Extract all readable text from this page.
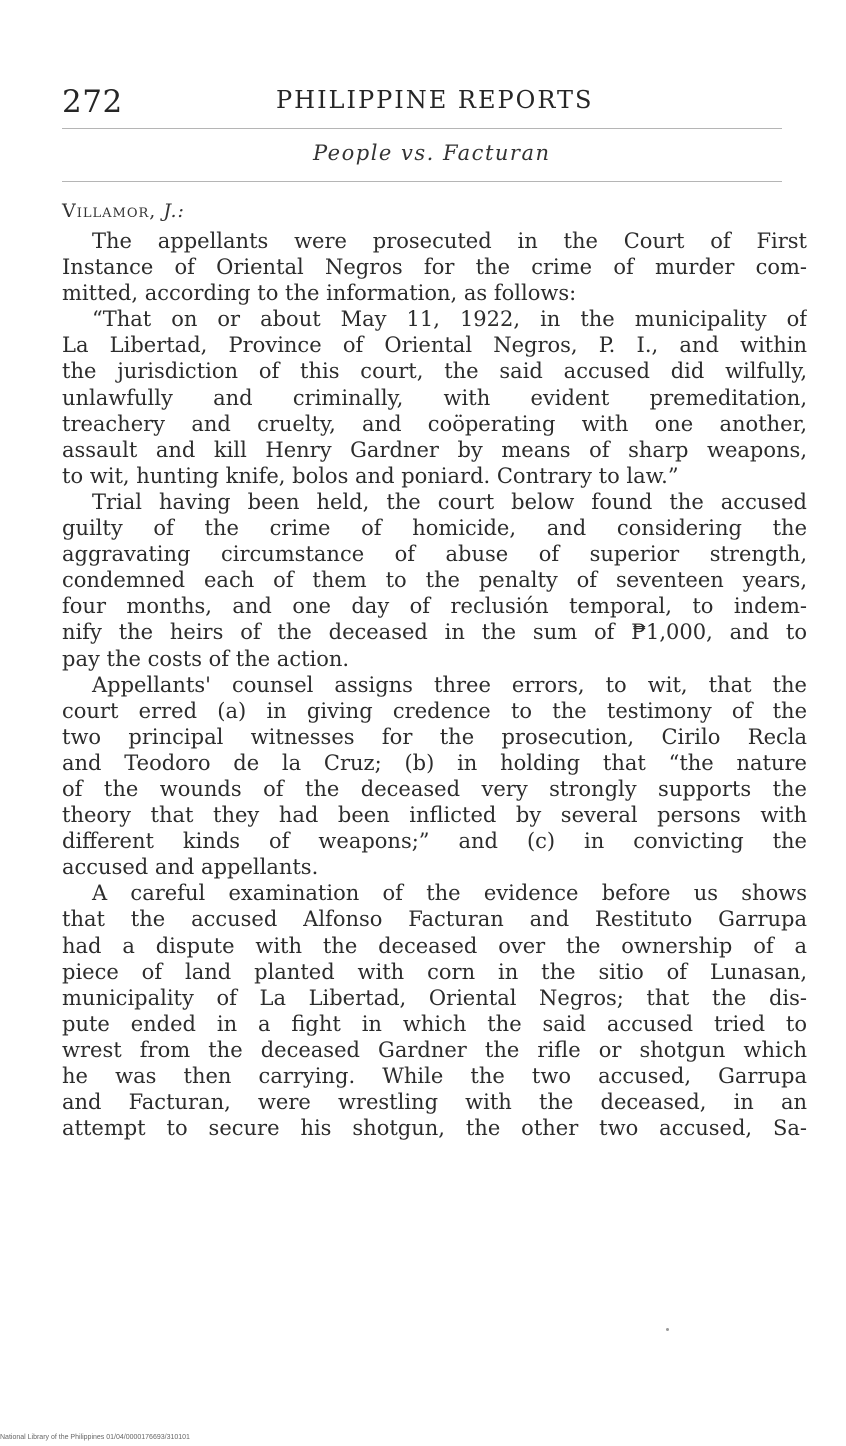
272	PHILIPPINE REPORTS
People vs. Facturan
Villamor, J.:
The appellants were prosecuted in the Court of First
Instance of Oriental Negros for the crime of murder com-
mitted, according to the information, as follows:
“That on or about May 11, 1922, in the municipality of
La Libertad, Province of Oriental Negros, P. I., and within
the jurisdiction of this court, the said accused did wilfully,
unlawfully and criminally, with evident premeditation,
treachery and cruelty, and coöperating with one another,
assault and kill Henry Gardner by means of sharp weapons,
to wit, hunting knife, bolos and poniard. Contrary to law.”
Trial having been held, the court below found the accused
guilty of the crime of homicide, and considering the
aggravating circumstance of abuse of superior strength,
condemned each of them to the penalty of seventeen years,
four months, and one day of reclusión temporal, to indem-
nify the heirs of the deceased in the sum of ₱1,000, and to
pay the costs of the action.
Appellants' counsel assigns three errors, to wit, that the
court erred (a) in giving credence to the testimony of the
two principal witnesses for the prosecution, Cirilo Recla
and Teodoro de la Cruz; (b) in holding that “the nature
of the wounds of the deceased very strongly supports the
theory that they had been inflicted by several persons with
different kinds of weapons;” and (c) in convicting the
accused and appellants.
A careful examination of the evidence before us shows
that the accused Alfonso Facturan and Restituto Garrupa
had a dispute with the deceased over the ownership of a
piece of land planted with corn in the sitio of Lunasan,
municipality of La Libertad, Oriental Negros; that the dis-
pute ended in a fight in which the said accused tried to
wrest from the deceased Gardner the rifle or shotgun which
he was then carrying. While the two accused, Garrupa
and Facturan, were wrestling with the deceased, in an
attempt to secure his shotgun, the other two accused, Sa-
National Library of the Philippines 01/04/0000176693/310101
